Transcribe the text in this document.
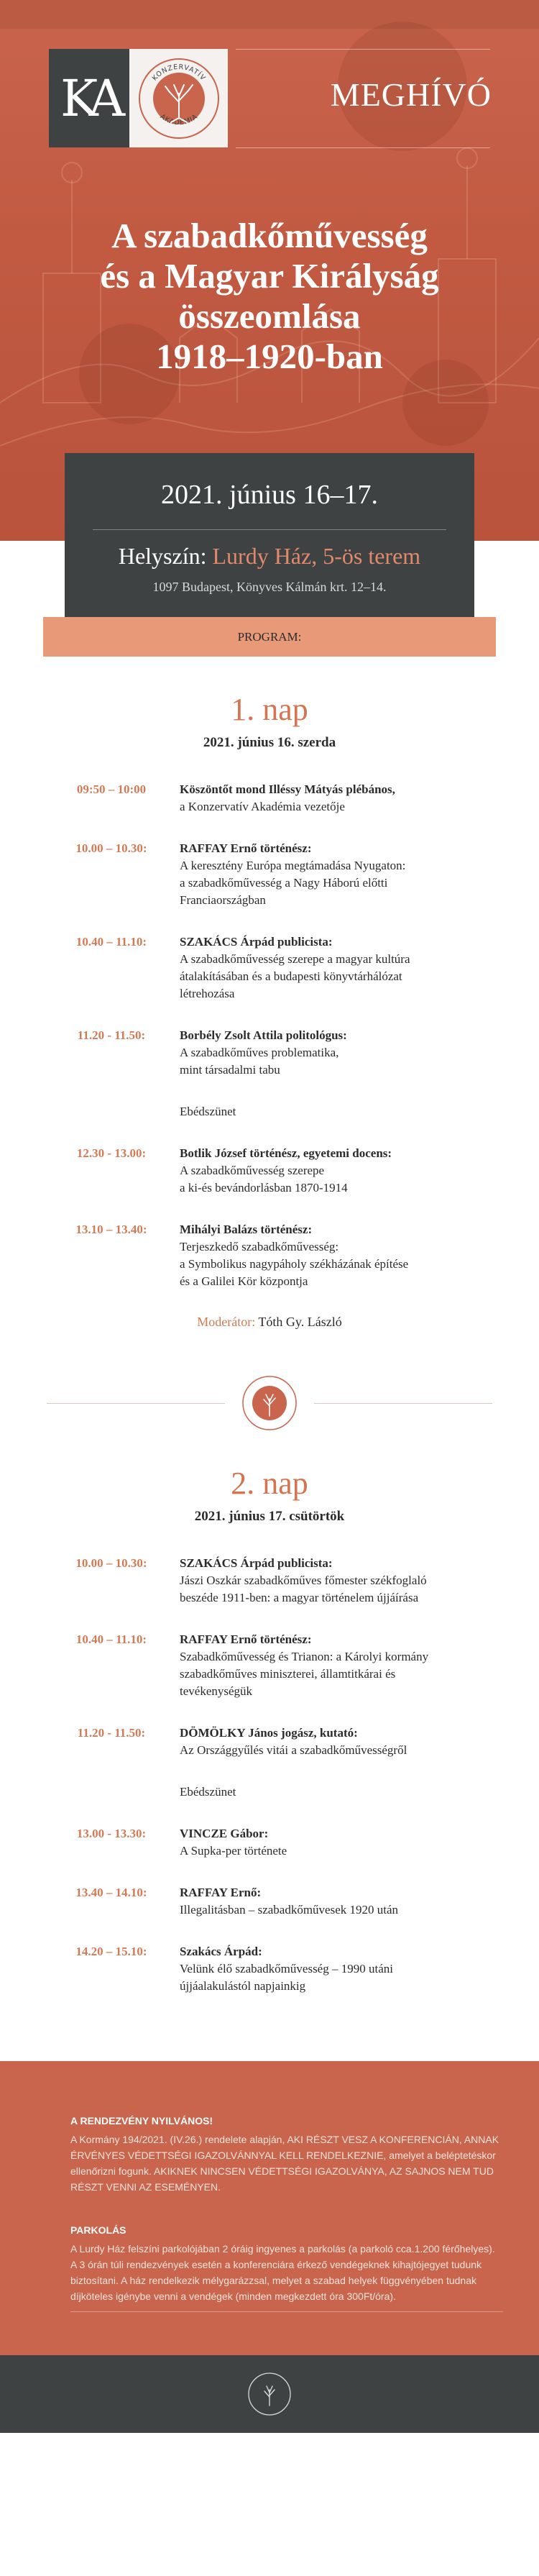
KA	KONZERVATÍV
AKADÉMIA
MEGHÍVÓ
A szabadkőművesség
és a Magyar Királyság
összeomlása
1918–1920-ban
2021. június 16–17.
Helyszín: Lurdy Ház, 5-ös terem
1097 Budapest, Könyves Kálmán krt. 12–14.
PROGRAM:
1. nap
2021. június 16. szerda
09:50 – 10:00	Köszöntőt mond Illéssy Mátyás plébános,
a Konzervatív Akadémia vezetője
10.00 – 10.30:	RAFFAY Ernő történész:
A keresztény Európa megtámadása Nyugaton:
a szabadkőművesség a Nagy Háború előtti
Franciaországban
10.40 – 11.10:	SZAKÁCS Árpád publicista:
A szabadkőművesség szerepe a magyar kultúra
átalakításában és a budapesti könyvtárhálózat
létrehozása
11.20 - 11.50:	Borbély Zsolt Attila politológus:
A szabadkőműves problematika,
mint társadalmi tabu
Ebédszünet
12.30 - 13.00:	Botlik József történész, egyetemi docens:
A szabadkőművesség szerepe
a ki-és bevándorlásban 1870-1914
13.10 – 13.40:	Mihályi Balázs történész:
Terjeszkedő szabadkőművesség:
a Symbolikus nagypáholy székházának építése
és a Galilei Kör központja
Moderátor: Tóth Gy. László
2. nap
2021. június 17. csütörtök
10.00 – 10.30:	SZAKÁCS Árpád publicista:
Jászi Oszkár szabadkőműves főmester székfoglaló
beszéde 1911-ben: a magyar történelem újjáírása
10.40 – 11.10:	RAFFAY Ernő történész:
Szabadkőművesség és Trianon: a Károlyi kormány
szabadkőműves miniszterei, államtitkárai és
tevékenységük
11.20 - 11.50:	DÖMÖLKY János jogász, kutató:
Az Országgyűlés vitái a szabadkőművességről
Ebédszünet
13.00 - 13.30:	VINCZE Gábor:
A Supka-per története
13.40 – 14.10:	RAFFAY Ernő:
Illegalitásban – szabadkőművesek 1920 után
14.20 – 15.10:	Szakács Árpád:
Velünk élő szabadkőművesség – 1990 utáni
újjáalakulástól napjainkig
A RENDEZVÉNY NYILVÁNOS!

A Kormány 194/2021. (IV.26.) rendelete alapján, AKI RÉSZT VESZ A KONFERENCIÁN, ANNAK ÉRVÉNYES VÉDETTSÉGI IGAZOLVÁNNYAL KELL RENDELKEZNIE, amelyet a beléptetéskor ellenőrizni fogunk. AKIKNEK NINCSEN VÉDETTSÉGI IGAZOLVÁNYA, AZ SAJNOS NEM TUD RÉSZT VENNI AZ ESEMÉNYEN.

PARKOLÁS

A Lurdy Ház felszíni parkolójában 2 óráig ingyenes a parkolás (a parkoló cca.1.200 férőhelyes). A 3 órán túli rendezvények esetén a konferenciára érkező vendégeknek kihajtójegyet tudunk biztosítani. A ház rendelkezik mélygarázzsal, melyet a szabad helyek függvényében tudnak díjköteles igénybe venni a vendégek (minden megkezdett óra 300Ft/óra).
